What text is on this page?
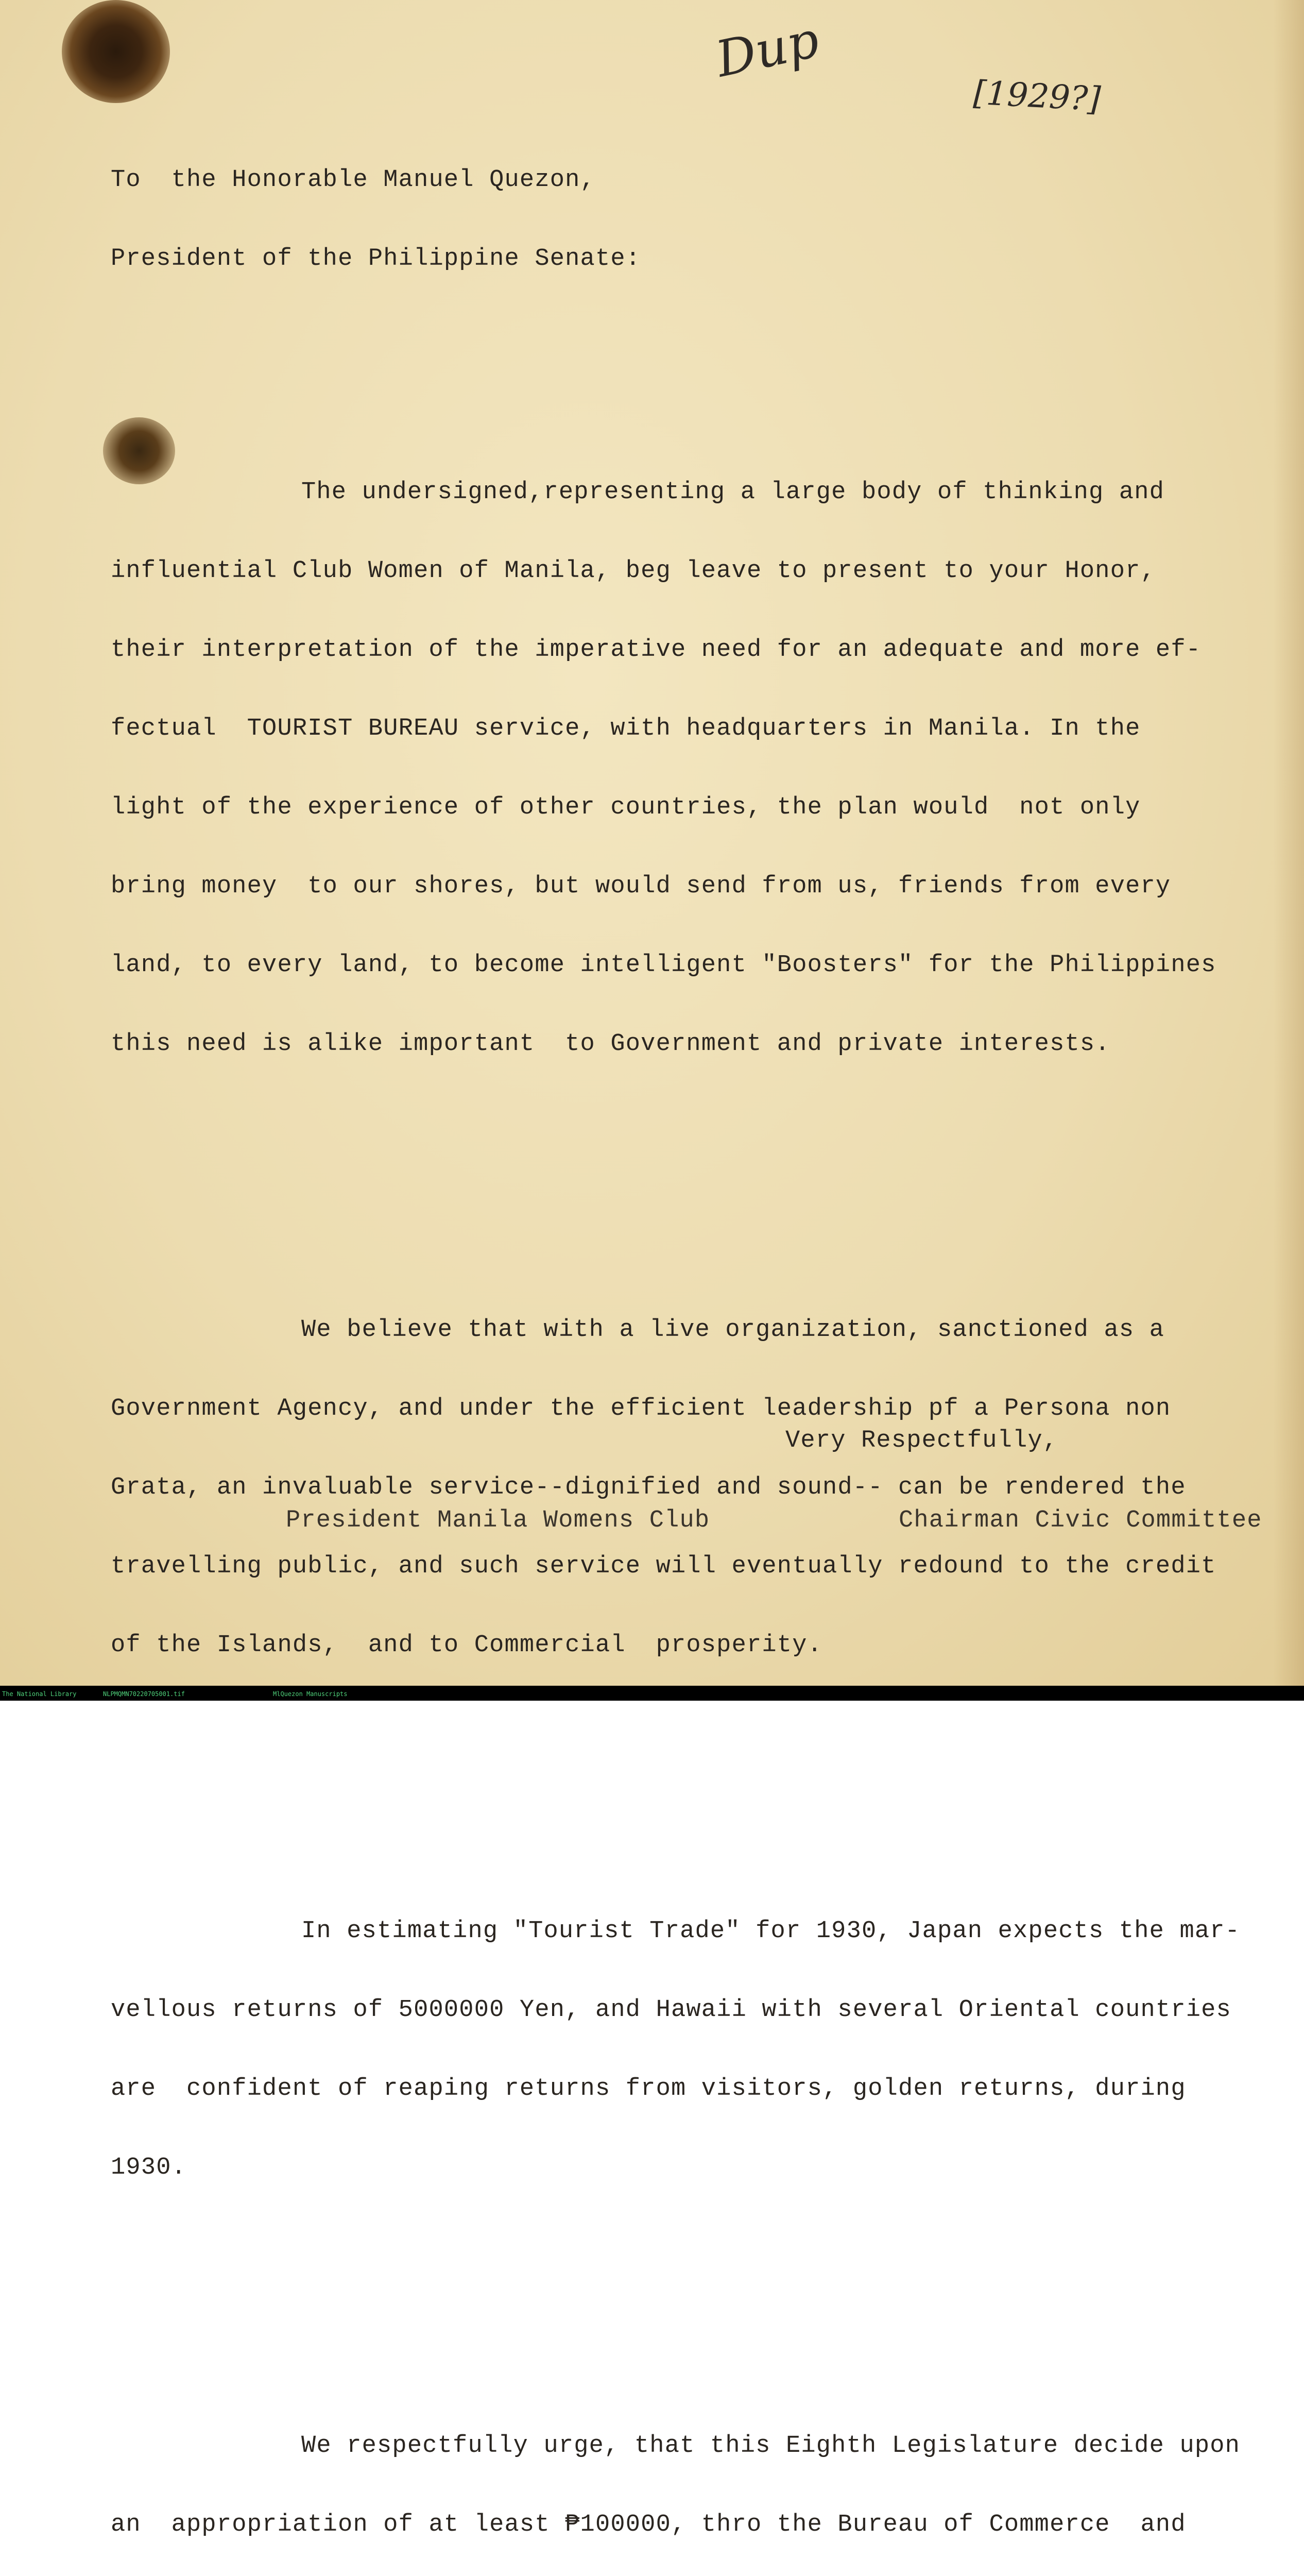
Dup
[1929?]

To  the Honorable Manuel Quezon,

President of the Philippine Senate:

The undersigned,representing a large body of thinking and

influential Club Women of Manila, beg leave to present to your Honor,

their interpretation of the imperative need for an adequate and more ef-

fectual  TOURIST BUREAU service, with headquarters in Manila. In the

light of the experience of other countries, the plan would  not only

bring money  to our shores, but would send from us, friends from every

land, to every land, to become intelligent "Boosters" for the Philippines

this need is alike important  to Government and private interests.

We believe that with a live organization, sanctioned as a

Government Agency, and under the efficient leadership pf a Persona non

Grata, an invaluable service--dignified and sound-- can be rendered the

travelling public, and such service will eventually redound to the credit

of the Islands,  and to Commercial  prosperity.

In estimating "Tourist Trade" for 1930, Japan expects the mar-

vellous returns of 5000000 Yen, and Hawaii with several Oriental countries

are  confident of reaping returns from visitors, golden returns, during

1930.

We respectfully urge, that this Eighth Legislature decide upon

an  appropriation of at least ₱100000, thro the Bureau of Commerce  and

Very Respectfully,
President Manila Womens Club	Chairman Civic Committee
The National Library	NLPMQMN70220705001.tif	MlQuezon Manuscripts
